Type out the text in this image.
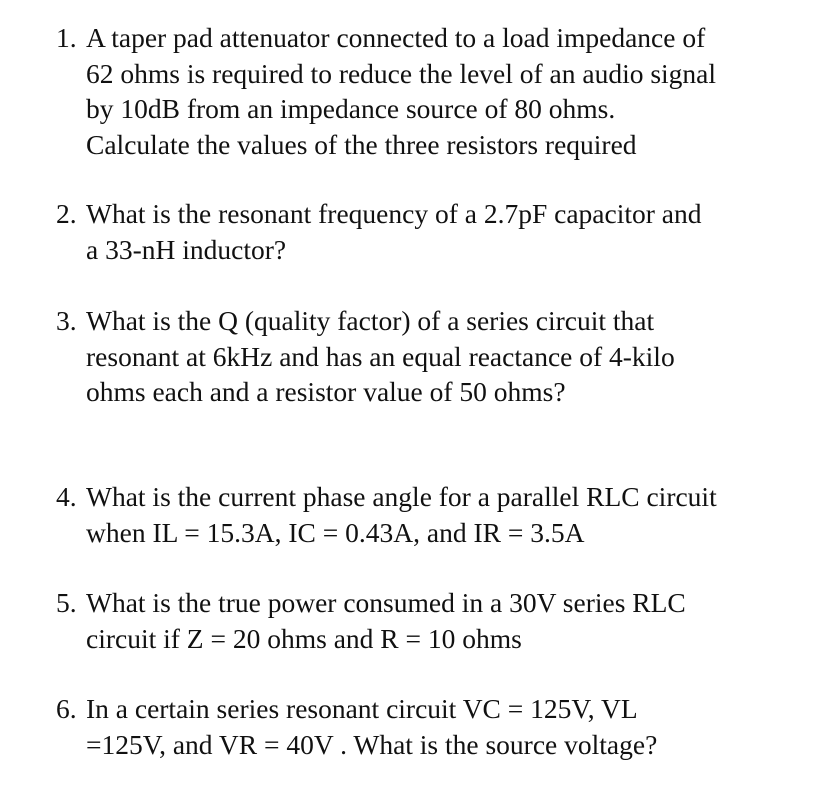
1. A taper pad attenuator connected to a load impedance of
62 ohms is required to reduce the level of an audio signal
by 10dB from an impedance source of 80 ohms.
Calculate the values of the three resistors required
2. What is the resonant frequency of a 2.7pF capacitor and
a 33-nH inductor?
3. What is the Q (quality factor) of a series circuit that
resonant at 6kHz and has an equal reactance of 4-kilo
ohms each and a resistor value of 50 ohms?
4. What is the current phase angle for a parallel RLC circuit
when IL = 15.3A, IC = 0.43A, and IR = 3.5A
5. What is the true power consumed in a 30V series RLC
circuit if Z = 20 ohms and R = 10 ohms
6. In a certain series resonant circuit VC = 125V, VL
=125V, and VR = 40V . What is the source voltage?
